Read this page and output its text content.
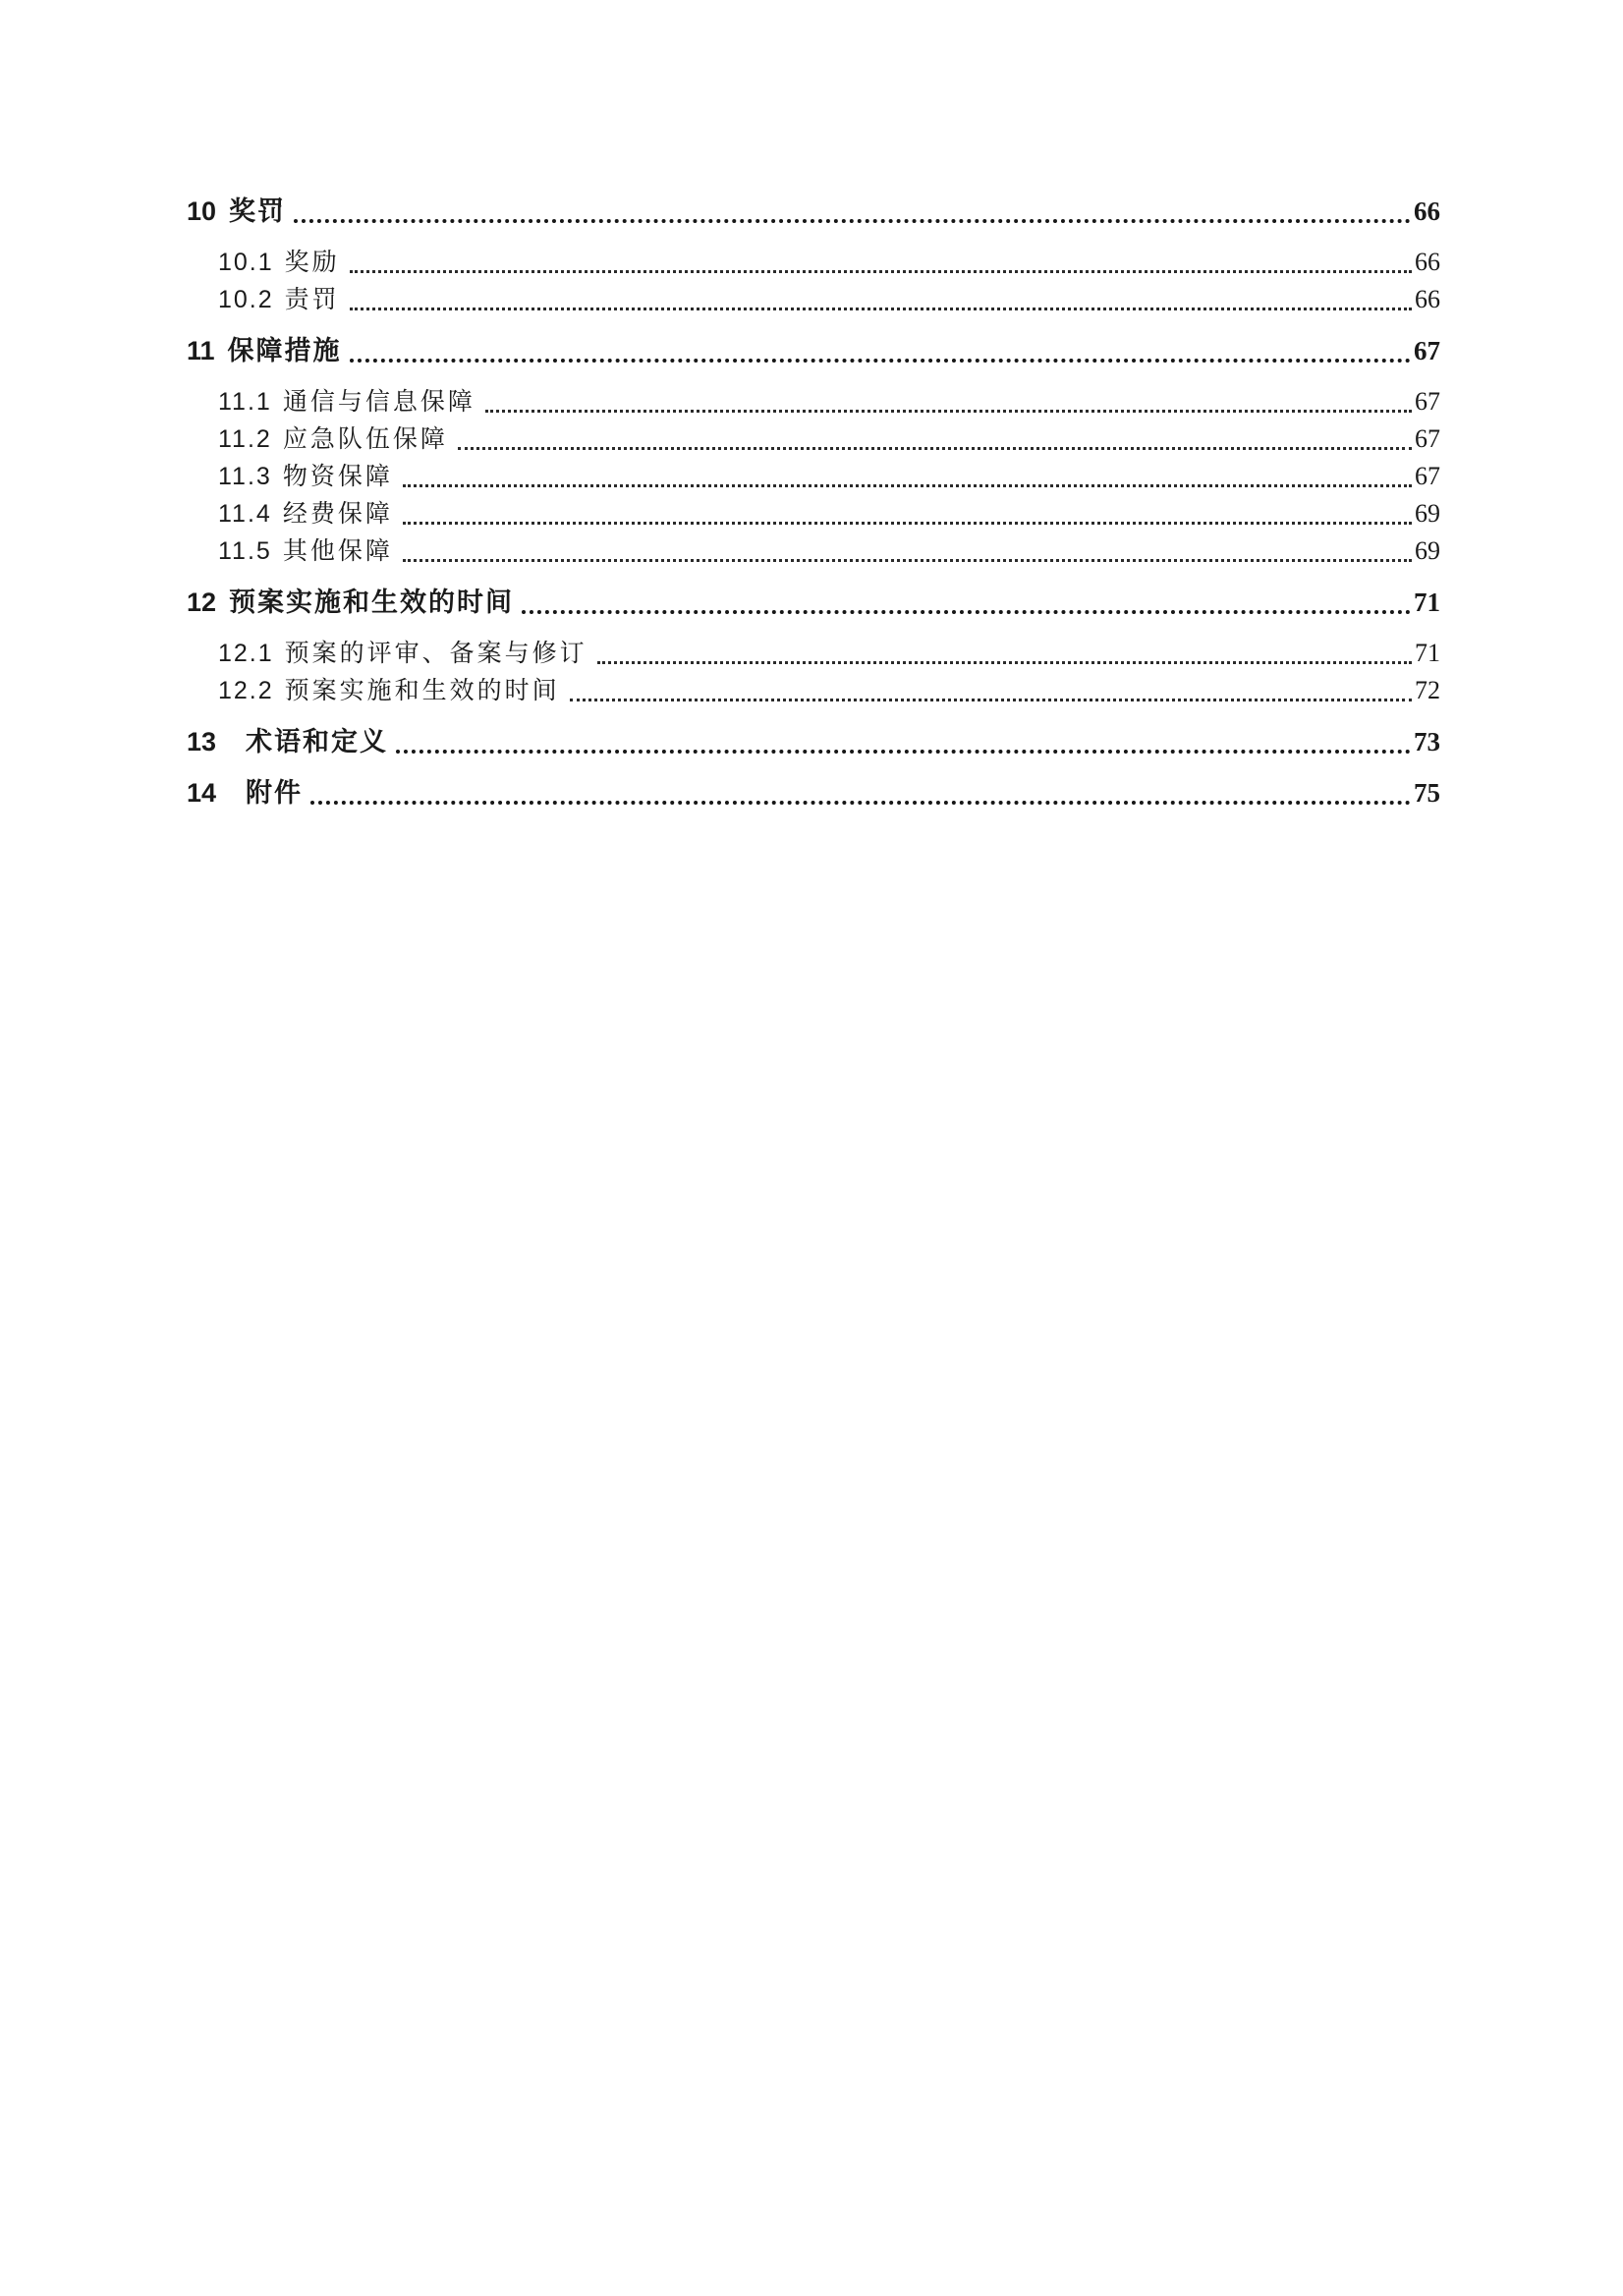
10 奖罚	66
10.1 奖励	66
10.2 责罚	66
11 保障措施	67
11.1 通信与信息保障	67
11.2 应急队伍保障	67
11.3 物资保障	67
11.4 经费保障	69
11.5 其他保障	69
12 预案实施和生效的时间	71
12.1 预案的评审、备案与修订	71
12.2 预案实施和生效的时间	72
13 术语和定义	73
14 附件	75
